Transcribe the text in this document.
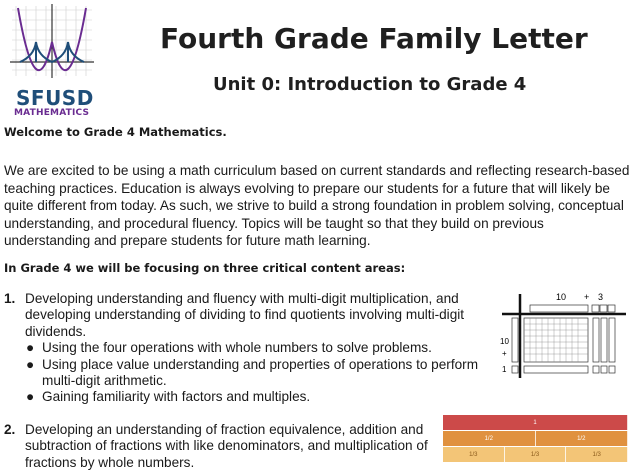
SFUSD
MATHEMATICS
Fourth Grade Family Letter
Unit 0: Introduction to Grade 4
Welcome to Grade 4 Mathematics.

We are excited to be using a math curriculum based on current standards and reflecting research-based teaching practices. Education is always evolving to prepare our students for a future that will likely be quite different from today. As such, we strive to build a strong foundation in problem solving, conceptual understanding, and procedural fluency. Topics will be taught so that they build on previous understanding and prepare students for future math learning.

In Grade 4 we will be focusing on three critical content areas:
1. Developing understanding and fluency with multi-digit multiplication, and developing understanding of dividing to find quotients involving multi-digit dividends.
● Using the four operations with whole numbers to solve problems.
● Using place value understanding and properties of operations to perform multi-digit arithmetic.
● Gaining familiarity with factors and multiples.
2. Developing an understanding of fraction equivalence, addition and subtraction of fractions with like denominators, and multiplication of fractions by whole numbers.
10 + 3
10
+
1
1
1/2	1/2
1/3	1/3	1/3
